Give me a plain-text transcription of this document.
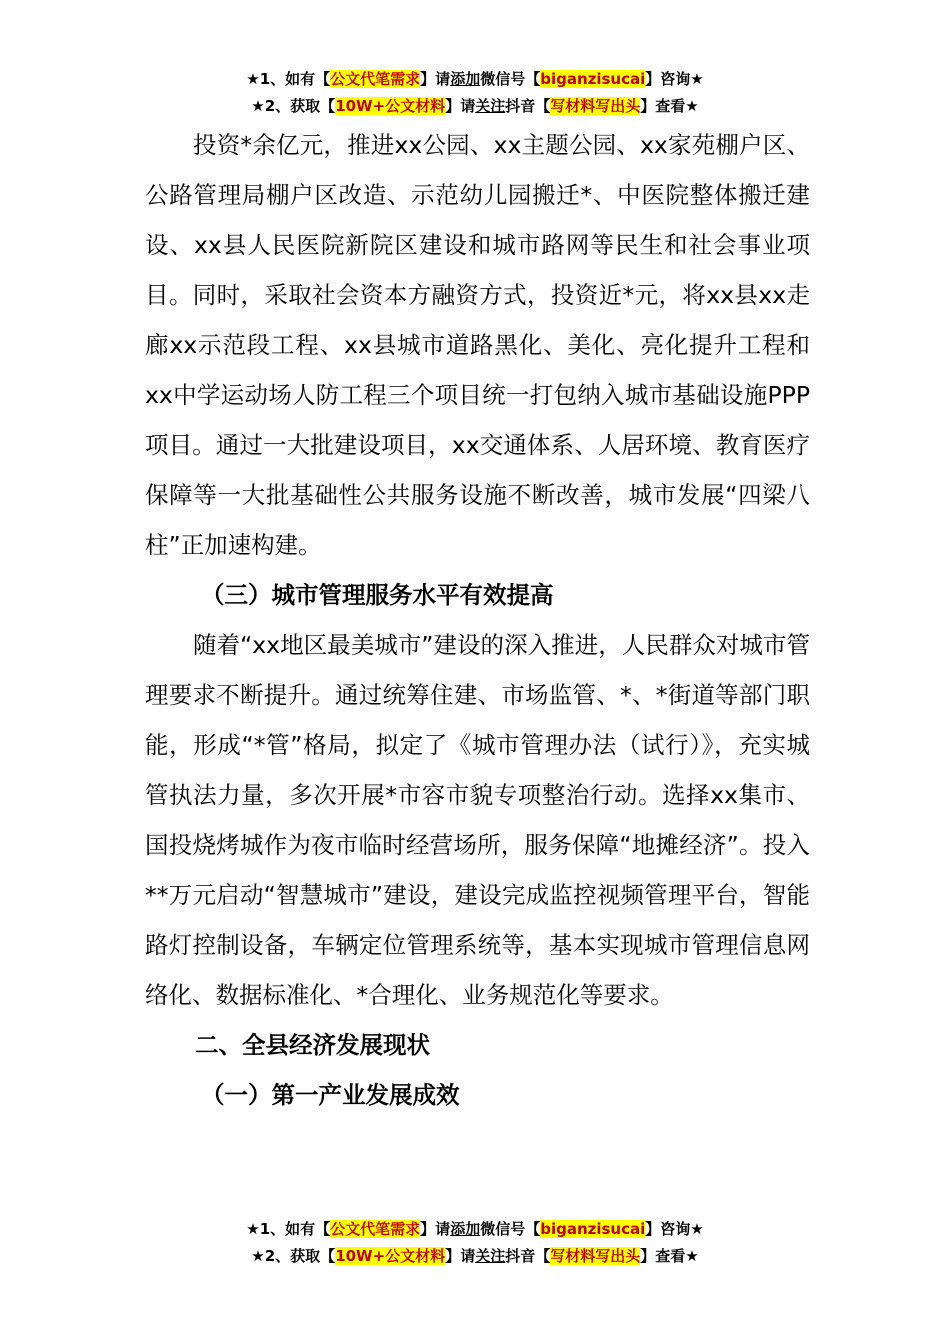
★1、如有【公文代笔需求】请添加微信号【biganzisucai】咨询★
★2、获取【10W+公文材料】请关注抖音【写材料写出头】查看★

投资*余亿元，推进xx公园、xx主题公园、xx家苑棚户区、公路管理局棚户区改造、示范幼儿园搬迁*、中医院整体搬迁建设、xx县人民医院新院区建设和城市路网等民生和社会事业项目。同时，采取社会资本方融资方式，投资近*元，将xx县xx走廊xx示范段工程、xx县城市道路黑化、美化、亮化提升工程和xx中学运动场人防工程三个项目统一打包纳入城市基础设施PPP项目。通过一大批建设项目，xx交通体系、人居环境、教育医疗保障等一大批基础性公共服务设施不断改善，城市发展“四梁八柱”正加速构建。

（三）城市管理服务水平有效提高

随着“xx地区最美城市”建设的深入推进，人民群众对城市管理要求不断提升。通过统筹住建、市场监管、*、*街道等部门职能，形成“*管”格局，拟定了《城市管理办法（试行）》，充实城管执法力量，多次开展*市容市貌专项整治行动。选择xx集市、国投烧烤城作为夜市临时经营场所，服务保障“地摊经济”。投入**万元启动“智慧城市”建设，建设完成监控视频管理平台，智能路灯控制设备，车辆定位管理系统等，基本实现城市管理信息网络化、数据标准化、*合理化、业务规范化等要求。

二、全县经济发展现状

（一）第一产业发展成效

★1、如有【公文代笔需求】请添加微信号【biganzisucai】咨询★
★2、获取【10W+公文材料】请关注抖音【写材料写出头】查看★
